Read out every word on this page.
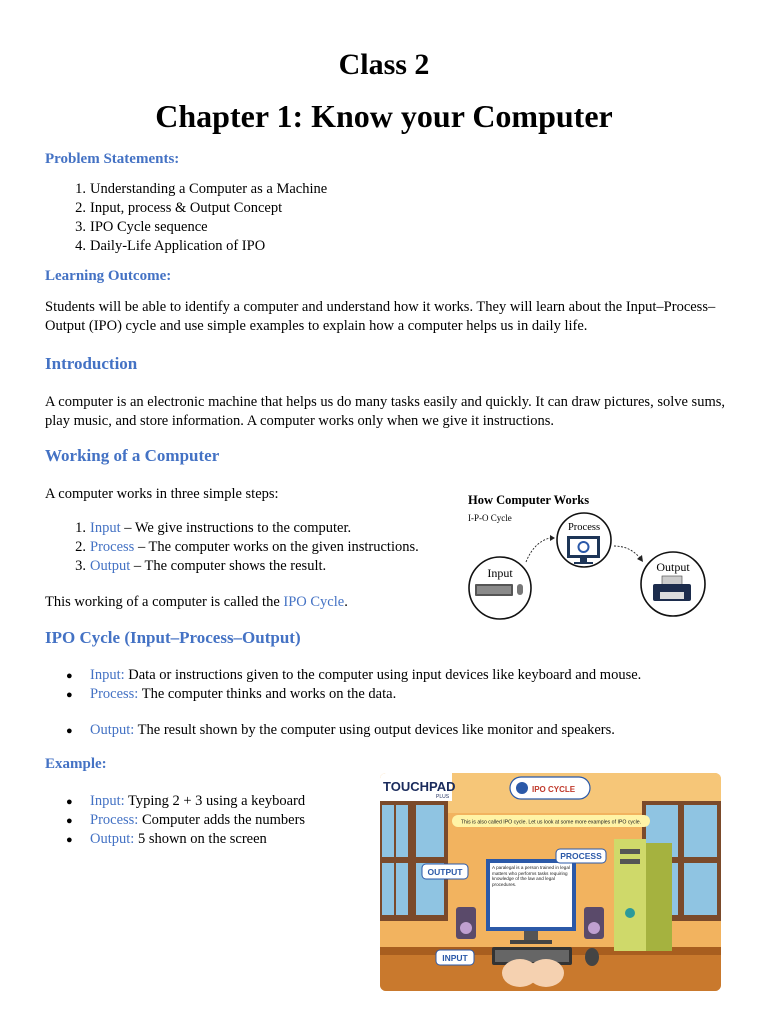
Class 2
Chapter 1: Know your Computer
Problem Statements:
1. Understanding a Computer as a Machine
2. Input, process & Output Concept
3. IPO Cycle sequence
4. Daily-Life Application of IPO
Learning Outcome:

Students will be able to identify a computer and understand how it works. They will learn about the Input–Process–Output (IPO) cycle and use simple examples to explain how a computer helps us in daily life.

Introduction

A computer is an electronic machine that helps us do many tasks easily and quickly. It can draw pictures, solve sums, play music, and store information. A computer works only when we give it instructions.

Working of a Computer

A computer works in three simple steps:

1. Input – We give instructions to the computer.
2. Process – The computer works on the given instructions.
3. Output – The computer shows the result.

This working of a computer is called the IPO Cycle.

How Computer Works
I-P-O Cycle
Input
Process
Output
IPO Cycle (Input–Process–Output)
● Input: Data or instructions given to the computer using input devices like keyboard and mouse.
● Process: The computer thinks and works on the data.
● Output: The result shown by the computer using output devices like monitor and speakers.
Example:
● Input: Typing 2 + 3 using a keyboard
● Process: Computer adds the numbers
● Output: 5 shown on the screen
TOUCHPAD
PLUS
IPO CYCLE
This is also called IPO cycle. Let us look at some more examples of IPO cycle.
A paralegal is a person trained in legal matters who performs tasks requiring knowledge of the law and legal procedures.
PROCESS
OUTPUT
INPUT
